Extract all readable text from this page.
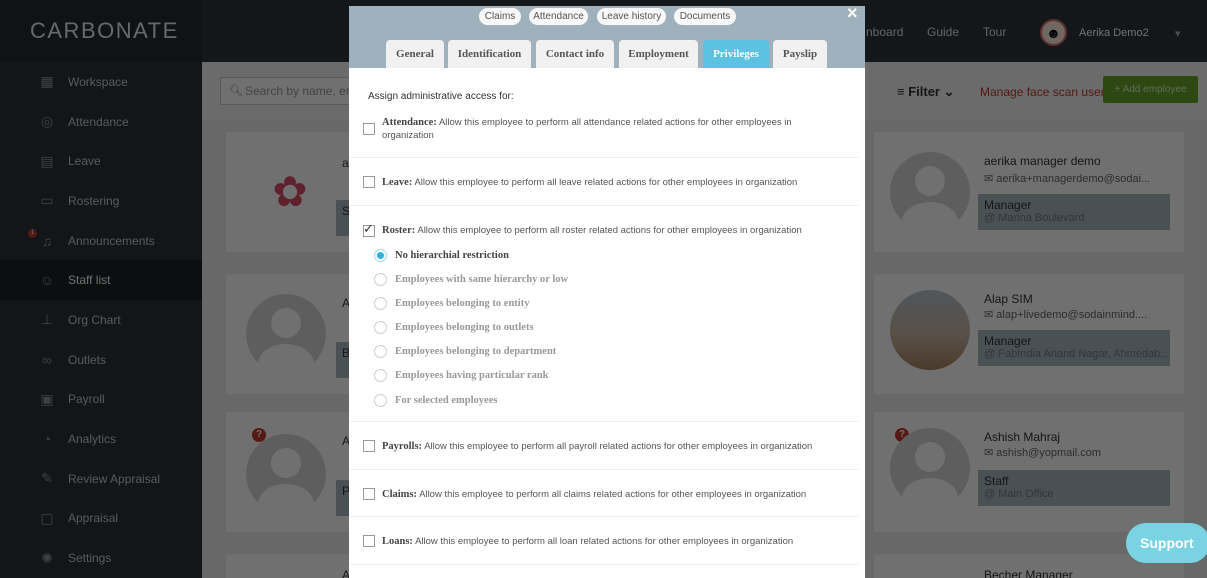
×
Claims	Attendance	Leave history	Documents
General	Identification	Contact info	Employment	Privileges	Payslip
Assign administrative access for:
Attendance: Allow this employee to perform all attendance related actions for other employees in organization
Leave: Allow this employee to perform all leave related actions for other employees in organization
✓
Roster: Allow this employee to perform all roster related actions for other employees in organization
No hierarchial restriction
Employees with same hierarchy or low
Employees belonging to entity
Employees belonging to outlets
Employees belonging to department
Employees having particular rank
For selected employees
Payrolls: Allow this employee to perform all payroll related actions for other employees in organization
Claims: Allow this employee to perform all claims related actions for other employees in organization
Loans: Allow this employee to perform all loan related actions for other employees in organization	Support
